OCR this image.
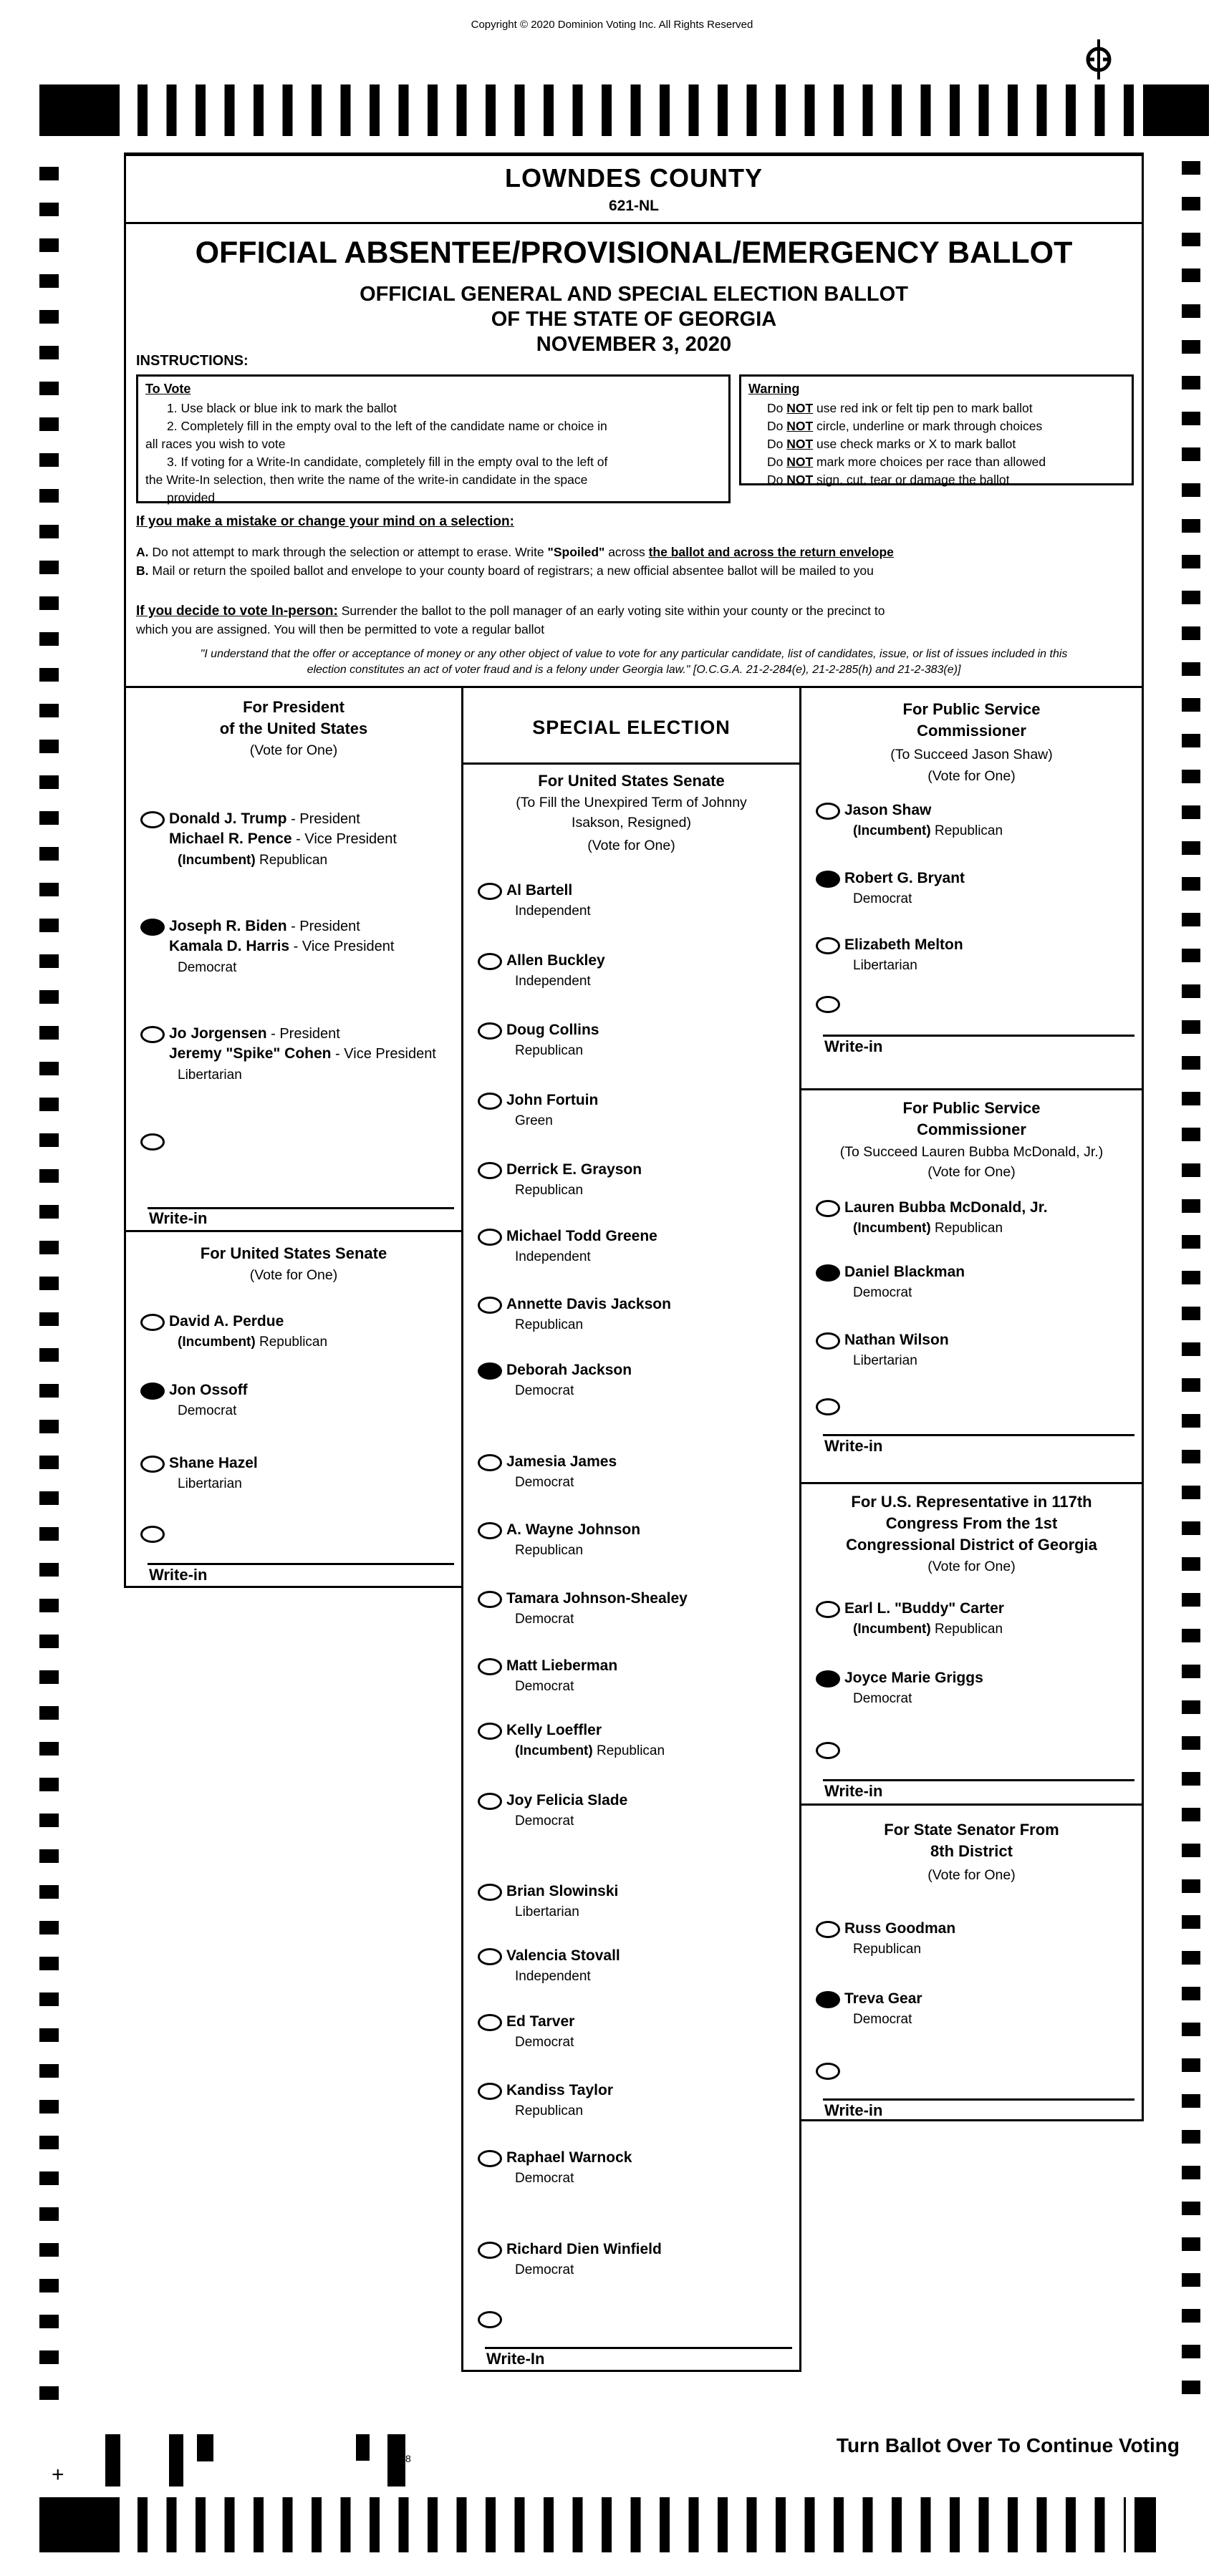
Copyright © 2020 Dominion Voting Inc. All Rights Reserved
LOWNDES COUNTY
621-NL
OFFICIAL ABSENTEE/PROVISIONAL/EMERGENCY BALLOT
OFFICIAL GENERAL AND SPECIAL ELECTION BALLOT
OF THE STATE OF GEORGIA
NOVEMBER 3, 2020
INSTRUCTIONS:
To Vote
1. Use black or blue ink to mark the ballot
2. Completely fill in the empty oval to the left of the candidate name or choice in
all races you wish to vote
3. If voting for a Write-In candidate, completely fill in the empty oval to the left of
the Write-In selection, then write the name of the write-in candidate in the space
provided
Warning
Do NOT use red ink or felt tip pen to mark ballot
Do NOT circle, underline or mark through choices
Do NOT use check marks or X to mark ballot
Do NOT mark more choices per race than allowed
Do NOT sign, cut, tear or damage the ballot
If you make a mistake or change your mind on a selection:
A. Do not attempt to mark through the selection or attempt to erase. Write "Spoiled" across the ballot and across the return envelope
B. Mail or return the spoiled ballot and envelope to your county board of registrars; a new official absentee ballot will be mailed to you
If you decide to vote In-person: Surrender the ballot to the poll manager of an early voting site within your county or the precinct to
which you are assigned. You will then be permitted to vote a regular ballot
"I understand that the offer or acceptance of money or any other object of value to vote for any particular candidate, list of candidates, issue, or list of issues included in this
election constitutes an act of voter fraud and is a felony under Georgia law." [O.C.G.A. 21-2-284(e), 21-2-285(h) and 21-2-383(e)]
For President
of the United States
(Vote for One)
Donald J. Trump - President
Michael R. Pence - Vice President
(Incumbent) Republican
Joseph R. Biden - President
Kamala D. Harris - Vice President
Democrat
Jo Jorgensen - President
Jeremy "Spike" Cohen - Vice President
Libertarian
Write-in
For United States Senate
(Vote for One)
David A. Perdue
(Incumbent) Republican
Jon Ossoff
Democrat
Shane Hazel
Libertarian
Write-in
SPECIAL ELECTION
For United States Senate
(To Fill the Unexpired Term of Johnny
Isakson, Resigned)
(Vote for One)
Al Bartell
Independent
Allen Buckley
Independent
Doug Collins
Republican
John Fortuin
Green
Derrick E. Grayson
Republican
Michael Todd Greene
Independent
Annette Davis Jackson
Republican
Deborah Jackson
Democrat
Jamesia James
Democrat
A. Wayne Johnson
Republican
Tamara Johnson-Shealey
Democrat
Matt Lieberman
Democrat
Kelly Loeffler
(Incumbent) Republican
Joy Felicia Slade
Democrat
Brian Slowinski
Libertarian
Valencia Stovall
Independent
Ed Tarver
Democrat
Kandiss Taylor
Republican
Raphael Warnock
Democrat
Richard Dien Winfield
Democrat
Write-In
For Public Service
Commissioner
(To Succeed Jason Shaw)
(Vote for One)
Jason Shaw
(Incumbent) Republican
Robert G. Bryant
Democrat
Elizabeth Melton
Libertarian
Write-in
For Public Service
Commissioner
(To Succeed Lauren Bubba McDonald, Jr.)
(Vote for One)
Lauren Bubba McDonald, Jr.
(Incumbent) Republican
Daniel Blackman
Democrat
Nathan Wilson
Libertarian
Write-in
For U.S. Representative in 117th
Congress From the 1st
Congressional District of Georgia
(Vote for One)
Earl L. "Buddy" Carter
(Incumbent) Republican
Joyce Marie Griggs
Democrat
Write-in
For State Senator From
8th District
(Vote for One)
Russ Goodman
Republican
Treva Gear
Democrat
Write-in
Turn Ballot Over To Continue Voting
8
+
